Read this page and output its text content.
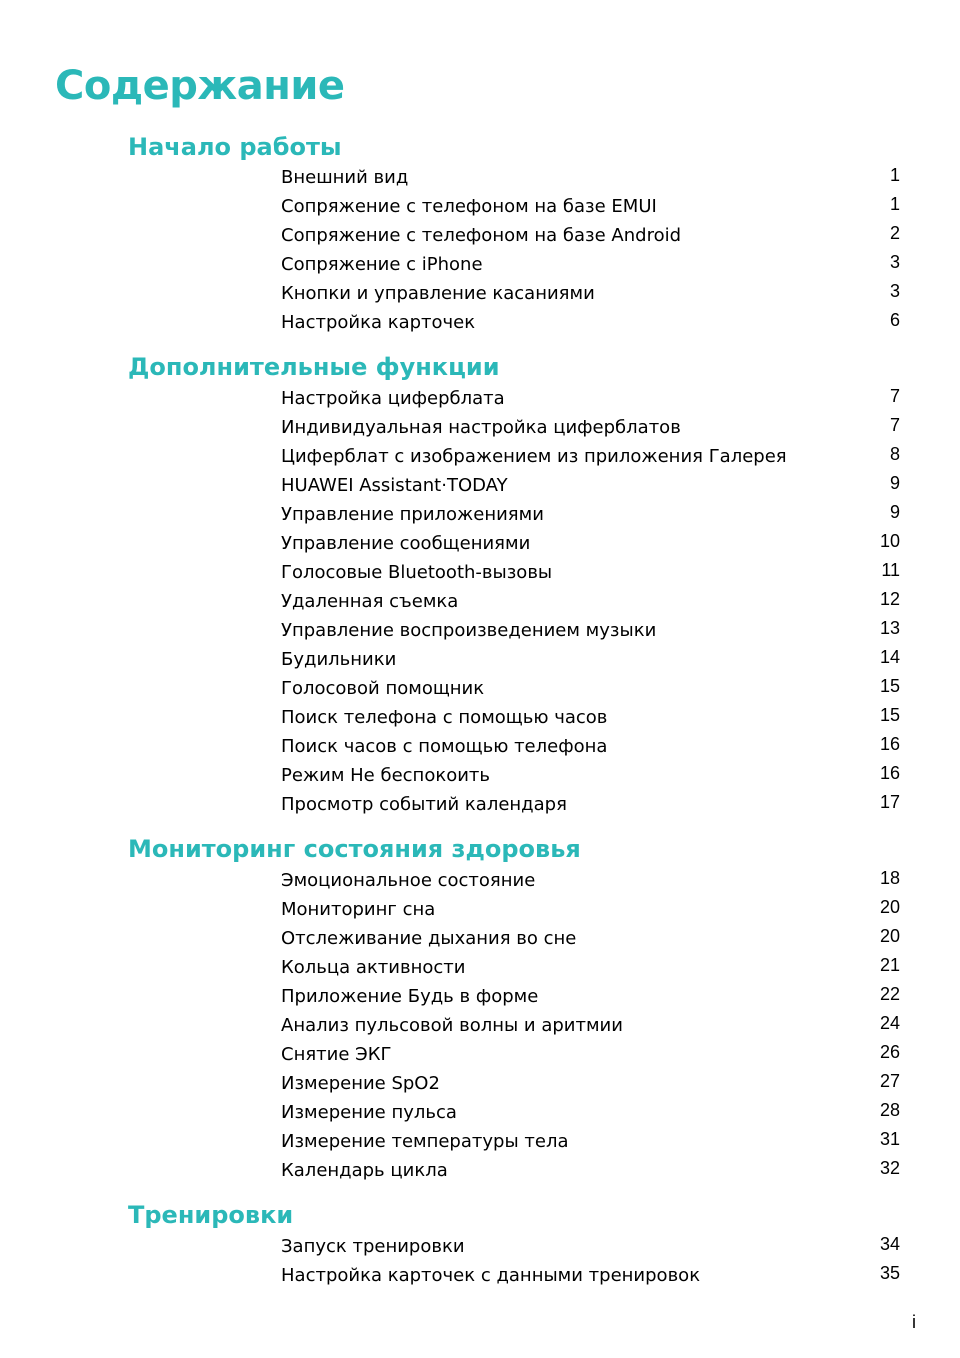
Содержание
Начало работы
Внешний вид	1
Сопряжение с телефоном на базе EMUI	1
Сопряжение с телефоном на базе Android	2
Сопряжение с iPhone	3
Кнопки и управление касаниями	3
Настройка карточек	6
Дополнительные функции
Настройка циферблата	7
Индивидуальная настройка циферблатов	7
Циферблат с изображением из приложения Галерея	8
HUAWEI Assistant·TODAY	9
Управление приложениями	9
Управление сообщениями	10
Голосовые Bluetooth-вызовы	11
Удаленная съемка	12
Управление воспроизведением музыки	13
Будильники	14
Голосовой помощник	15
Поиск телефона с помощью часов	15
Поиск часов с помощью телефона	16
Режим Не беспокоить	16
Просмотр событий календаря	17
Мониторинг состояния здоровья
Эмоциональное состояние	18
Мониторинг сна	20
Отслеживание дыхания во сне	20
Кольца активности	21
Приложение Будь в форме	22
Анализ пульсовой волны и аритмии	24
Снятие ЭКГ	26
Измерение SpO2	27
Измерение пульса	28
Измерение температуры тела	31
Календарь цикла	32
Тренировки
Запуск тренировки	34
Настройка карточек с данными тренировок	35
i
